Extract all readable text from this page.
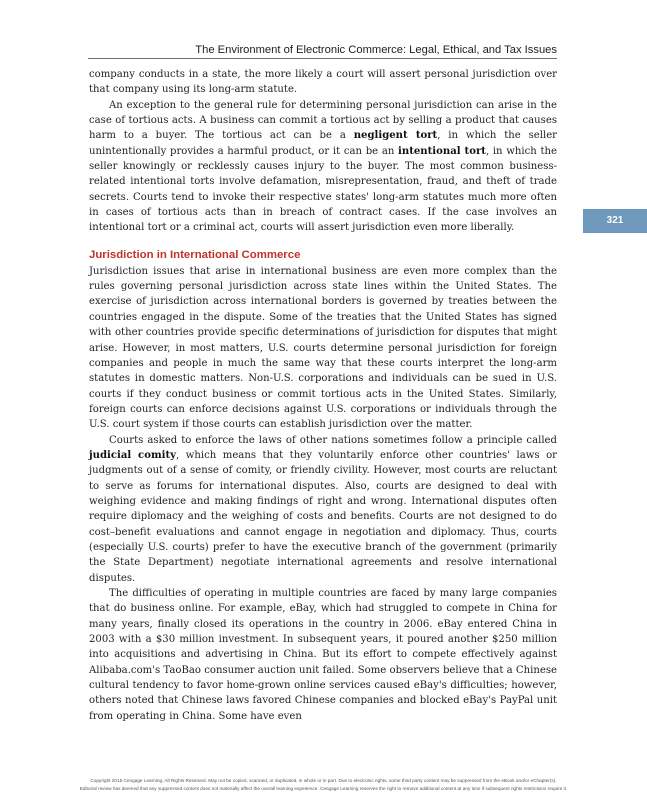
The Environment of Electronic Commerce: Legal, Ethical, and Tax Issues
321

company conducts in a state, the more likely a court will assert personal jurisdiction over that company using its long-arm statute.

An exception to the general rule for determining personal jurisdiction can arise in the case of tortious acts. A business can commit a tortious act by selling a product that causes harm to a buyer. The tortious act can be a negligent tort, in which the seller unintentionally provides a harmful product, or it can be an intentional tort, in which the seller knowingly or recklessly causes injury to the buyer. The most common business-related intentional torts involve defamation, misrepresentation, fraud, and theft of trade secrets. Courts tend to invoke their respective states' long-arm statutes much more often in cases of tortious acts than in breach of contract cases. If the case involves an intentional tort or a criminal act, courts will assert jurisdiction even more liberally.

Jurisdiction in International Commerce

Jurisdiction issues that arise in international business are even more complex than the rules governing personal jurisdiction across state lines within the United States. The exercise of jurisdiction across international borders is governed by treaties between the countries engaged in the dispute. Some of the treaties that the United States has signed with other countries provide specific determinations of jurisdiction for disputes that might arise. However, in most matters, U.S. courts determine personal jurisdiction for foreign companies and people in much the same way that these courts interpret the long-arm statutes in domestic matters. Non-U.S. corporations and individuals can be sued in U.S. courts if they conduct business or commit tortious acts in the United States. Similarly, foreign courts can enforce decisions against U.S. corporations or individuals through the U.S. court system if those courts can establish jurisdiction over the matter.

Courts asked to enforce the laws of other nations sometimes follow a principle called judicial comity, which means that they voluntarily enforce other countries' laws or judgments out of a sense of comity, or friendly civility. However, most courts are reluctant to serve as forums for international disputes. Also, courts are designed to deal with weighing evidence and making findings of right and wrong. International disputes often require diplomacy and the weighing of costs and benefits. Courts are not designed to do cost–benefit evaluations and cannot engage in negotiation and diplomacy. Thus, courts (especially U.S. courts) prefer to have the executive branch of the government (primarily the State Department) negotiate international agreements and resolve international disputes.

The difficulties of operating in multiple countries are faced by many large companies that do business online. For example, eBay, which had struggled to compete in China for many years, finally closed its operations in the country in 2006. eBay entered China in 2003 with a $30 million investment. In subsequent years, it poured another $250 million into acquisitions and advertising in China. But its effort to compete effectively against Alibaba.com's TaoBao consumer auction unit failed. Some observers believe that a Chinese cultural tendency to favor home-grown online services caused eBay's difficulties; however, others noted that Chinese laws favored Chinese companies and blocked eBay's PayPal unit from operating in China. Some have even

Copyright 2015 Cengage Learning. All Rights Reserved. May not be copied, scanned, or duplicated, in whole or in part. Due to electronic rights, some third party content may be suppressed from the eBook and/or eChapter(s).
Editorial review has deemed that any suppressed content does not materially affect the overall learning experience. Cengage Learning reserves the right to remove additional content at any time if subsequent rights restrictions require it.
